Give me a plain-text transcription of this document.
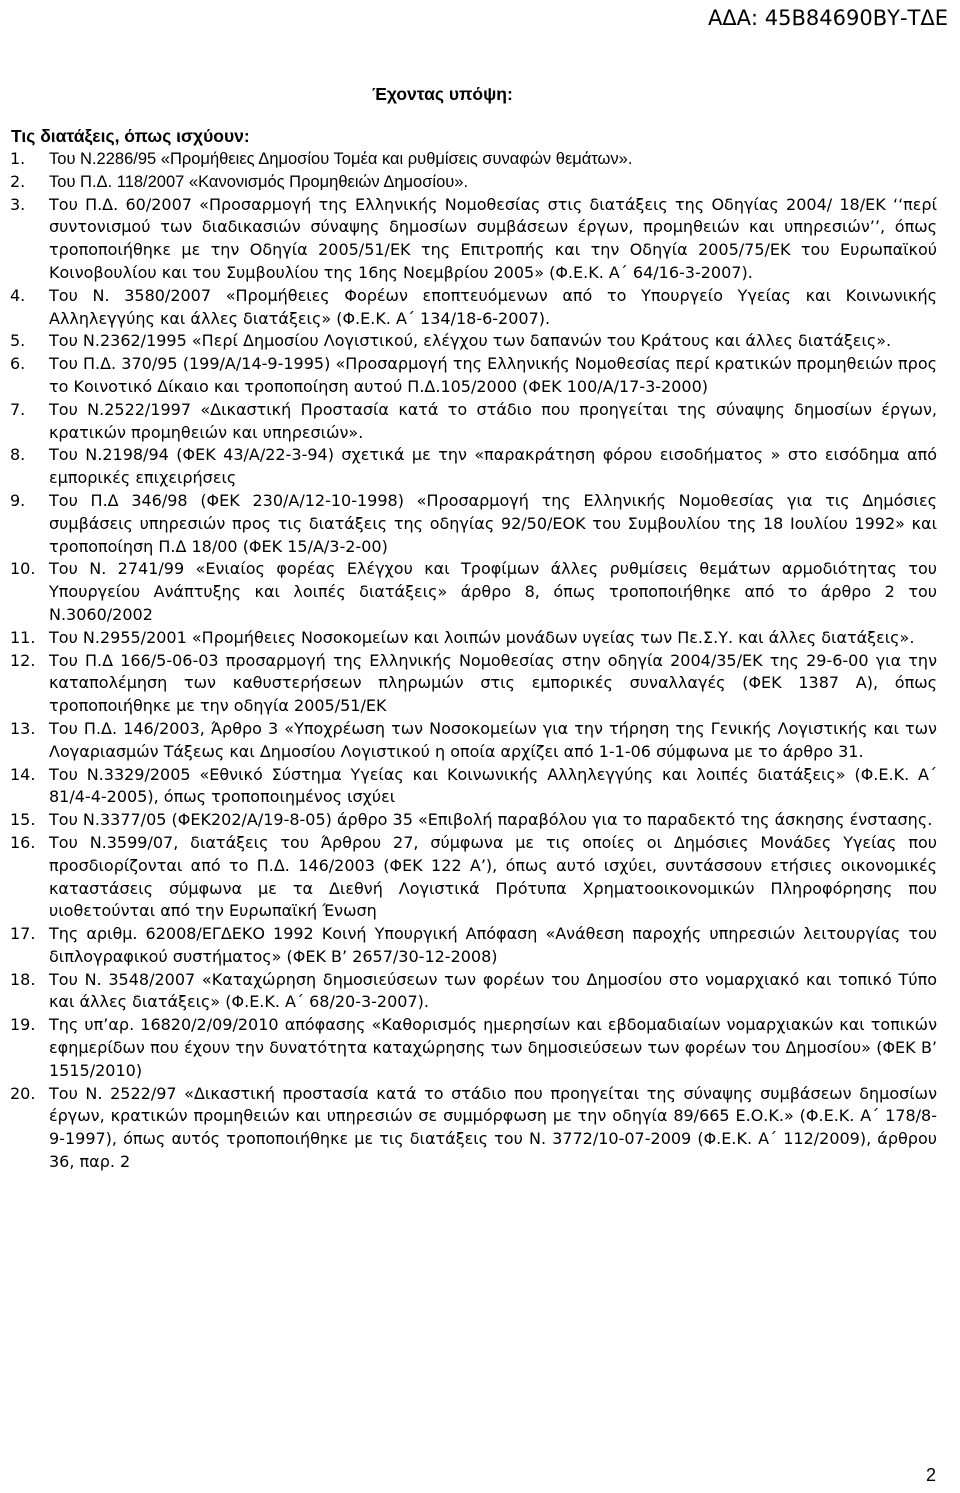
ΑΔΑ: 45Β84690ΒΥ-ΤΔΕ
Έχοντας υπόψη:
Τις διατάξεις, όπως ισχύουν:
1.	Του Ν.2286/95 «Προμήθειες Δημοσίου Τομέα και ρυθμίσεις συναφών θεμάτων».

2.	Του Π.Δ. 118/2007 «Κανονισμός Προμηθειών Δημοσίου».

3.	Του Π.Δ. 60/2007 «Προσαρμογή της Ελληνικής Νομοθεσίας στις διατάξεις της Οδηγίας 2004/ 18/ΕΚ ‘‘περί συντονισμού των διαδικασιών σύναψης δημοσίων συμβάσεων έργων, προμηθειών και υπηρεσιών’’, όπως τροποποιήθηκε με την Οδηγία 2005/51/ΕΚ της Επιτροπής και την Οδηγία 2005/75/ΕΚ του Ευρωπαϊκού Κοινοβουλίου και του Συμβουλίου της 16ης Νοεμβρίου 2005» (Φ.Ε.Κ. Α΄ 64/16-3-2007).

4.	Του Ν. 3580/2007 «Προμήθειες Φορέων εποπτευόμενων από το Υπουργείο Υγείας και Κοινωνικής Αλληλεγγύης και άλλες διατάξεις» (Φ.Ε.Κ. Α΄ 134/18-6-2007).

5.	Του Ν.2362/1995 «Περί Δημοσίου Λογιστικού, ελέγχου των δαπανών του Κράτους και άλλες διατάξεις».

6.	Του Π.Δ. 370/95 (199/Α/14-9-1995) «Προσαρμογή της Ελληνικής Νομοθεσίας περί κρατικών προμηθειών προς το Κοινοτικό Δίκαιο και τροποποίηση αυτού Π.Δ.105/2000 (ΦΕΚ 100/Α/17-3-2000)

7.	Του Ν.2522/1997 «Δικαστική Προστασία κατά το στάδιο που προηγείται της σύναψης δημοσίων έργων, κρατικών προμηθειών και υπηρεσιών».

8.	Του Ν.2198/94 (ΦΕΚ 43/Α/22-3-94) σχετικά με την «παρακράτηση φόρου εισοδήματος » στο εισόδημα από εμπορικές επιχειρήσεις

9.	Του Π.Δ 346/98 (ΦΕΚ 230/Α/12-10-1998) «Προσαρμογή της Ελληνικής Νομοθεσίας για τις Δημόσιες συμβάσεις υπηρεσιών προς τις διατάξεις της οδηγίας 92/50/ΕΟΚ του Συμβουλίου της 18 Ιουλίου 1992» και τροποποίηση Π.Δ 18/00 (ΦΕΚ 15/Α/3-2-00)

10. Του Ν. 2741/99 «Ενιαίος φορέας Ελέγχου και Τροφίμων άλλες ρυθμίσεις θεμάτων αρμοδιότητας του Υπουργείου Ανάπτυξης και λοιπές διατάξεις» άρθρο 8, όπως τροποποιήθηκε από το άρθρο 2 του Ν.3060/2002

11. Του Ν.2955/2001 «Προμήθειες Νοσοκομείων και λοιπών μονάδων υγείας των Πε.Σ.Υ. και άλλες διατάξεις».

12. Του Π.Δ 166/5-06-03 προσαρμογή της Ελληνικής Νομοθεσίας στην οδηγία 2004/35/ΕΚ της 29-6-00 για την καταπολέμηση των καθυστερήσεων πληρωμών στις εμπορικές συναλλαγές (ΦΕΚ 1387 Α), όπως τροποποιήθηκε με την οδηγία 2005/51/ΕΚ

13. Του Π.Δ. 146/2003, Άρθρο 3 «Υποχρέωση των Νοσοκομείων για την τήρηση της Γενικής Λογιστικής και των Λογαριασμών Τάξεως και Δημοσίου Λογιστικού η οποία αρχίζει από 1-1-06 σύμφωνα με το άρθρο 31.

14. Του Ν.3329/2005 «Εθνικό Σύστημα Υγείας και Κοινωνικής Αλληλεγγύης και λοιπές διατάξεις» (Φ.Ε.Κ. Α΄ 81/4-4-2005), όπως τροποποιημένος ισχύει

15. Του Ν.3377/05 (ΦΕΚ202/Α/19-8-05) άρθρο 35 «Επιβολή παραβόλου για το παραδεκτό της άσκησης ένστασης.

16. Του Ν.3599/07, διατάξεις του Άρθρου 27, σύμφωνα με τις οποίες οι Δημόσιες Μονάδες Υγείας που προσδιορίζονται από το Π.Δ. 146/2003 (ΦΕΚ 122 Α’), όπως αυτό ισχύει, συντάσσουν ετήσιες οικονομικές καταστάσεις σύμφωνα με τα Διεθνή Λογιστικά Πρότυπα Χρηματοοικονομικών Πληροφόρησης που υιοθετούνται από την Ευρωπαϊκή Ένωση

17. Της αριθμ. 62008/ΕΓΔΕΚΟ 1992 Κοινή Υπουργική Απόφαση «Ανάθεση παροχής υπηρεσιών λειτουργίας του διπλογραφικού συστήματος» (ΦΕΚ Β’ 2657/30-12-2008)

18. Του Ν. 3548/2007 «Καταχώρηση δημοσιεύσεων των φορέων του Δημοσίου στο νομαρχιακό και τοπικό Τύπο και άλλες διατάξεις» (Φ.Ε.Κ. Α΄ 68/20-3-2007).

19. Της υπ’αρ. 16820/2/09/2010 απόφασης «Καθορισμός ημερησίων και εβδομαδιαίων νομαρχιακών και τοπικών εφημερίδων που έχουν την δυνατότητα καταχώρησης των δημοσιεύσεων των φορέων του Δημοσίου» (ΦΕΚ Β’ 1515/2010)

20. Του Ν. 2522/97 «Δικαστική προστασία κατά το στάδιο που προηγείται της σύναψης συμβάσεων δημοσίων έργων, κρατικών προμηθειών και υπηρεσιών σε συμμόρφωση με την οδηγία 89/665 Ε.Ο.Κ.» (Φ.Ε.Κ. Α΄ 178/8-9-1997), όπως αυτός τροποποιήθηκε με τις διατάξεις του Ν. 3772/10-07-2009 (Φ.Ε.Κ. Α΄ 112/2009), άρθρου 36, παρ. 2

2
